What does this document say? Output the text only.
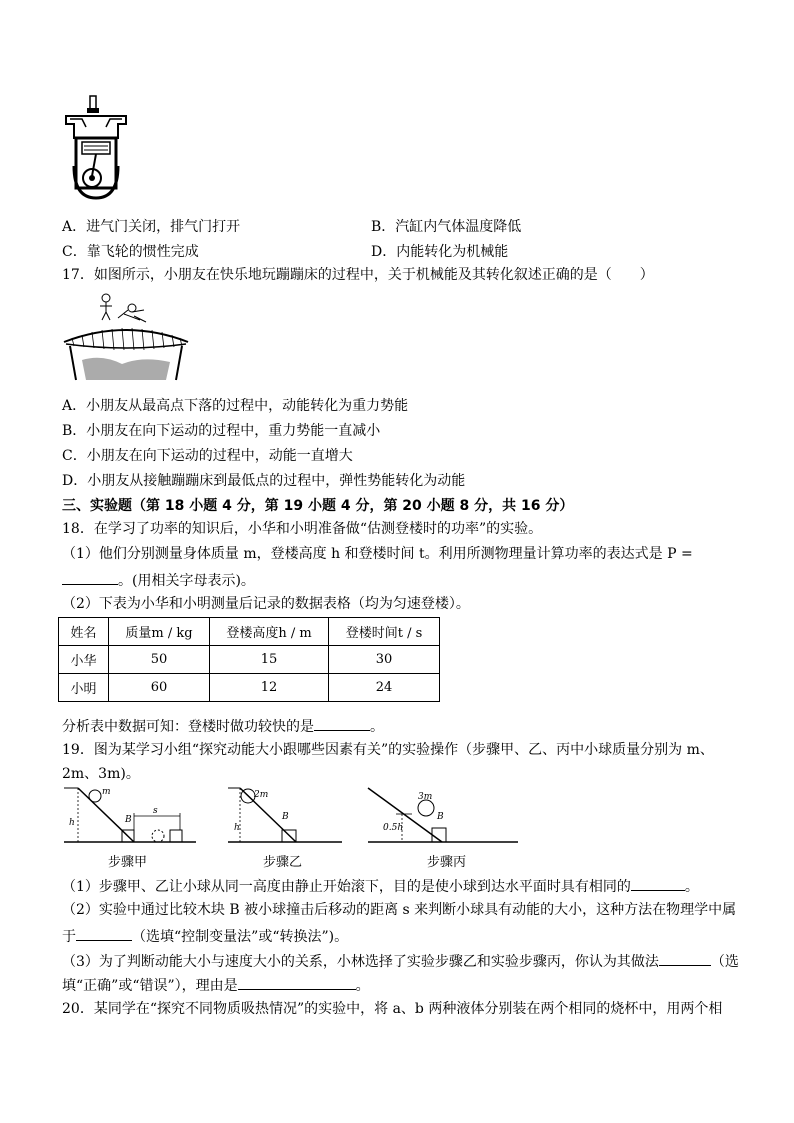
A．进气门关闭，排气门打开	B．汽缸内气体温度降低
C．靠飞轮的惯性完成	D．内能转化为机械能
17．如图所示，小朋友在快乐地玩蹦蹦床的过程中，关于机械能及其转化叙述正确的是（　　）
A．小朋友从最高点下落的过程中，动能转化为重力势能
B．小朋友在向下运动的过程中，重力势能一直减小
C．小朋友在向下运动的过程中，动能一直增大
D．小朋友从接触蹦蹦床到最低点的过程中，弹性势能转化为动能
三、实验题（第 18 小题 4 分，第 19 小题 4 分，第 20 小题 8 分，共 16 分）
18．在学习了功率的知识后，小华和小明准备做“估测登楼时的功率”的实验。
（1）他们分别测量身体质量 m，登楼高度 h 和登楼时间 t。利用所测物理量计算功率的表达式是 P =
。(用相关字母表示)。
（2）下表为小华和小明测量后记录的数据表格（均为匀速登楼）。
姓名	质量m / kg	登楼高度h / m	登楼时间t / s
小华	50	15	30
小明	60	12	24
分析表中数据可知：登楼时做功较快的是	。
19．图为某学习小组“探究动能大小跟哪些因素有关”的实验操作（步骤甲、乙、丙中小球质量分别为 m、
2m、3m)。
m
h	B
s
步骤甲
2m
h
B
步骤乙
3m
0.5h
B
步骤丙
（1）步骤甲、乙让小球从同一高度由静止开始滚下，目的是使小球到达水平面时具有相同的	。
（2）实验中通过比较木块 B 被小球撞击后移动的距离 s 来判断小球具有动能的大小，这种方法在物理学中属
于	（选填“控制变量法”或“转换法”)。
（3）为了判断动能大小与速度大小的关系，小林选择了实验步骤乙和实验步骤丙，你认为其做法	（选
填“正确”或“错误”），理由是	。
20．某同学在“探究不同物质吸热情况”的实验中，将 a、b 两种液体分别装在两个相同的烧杯中，用两个相
